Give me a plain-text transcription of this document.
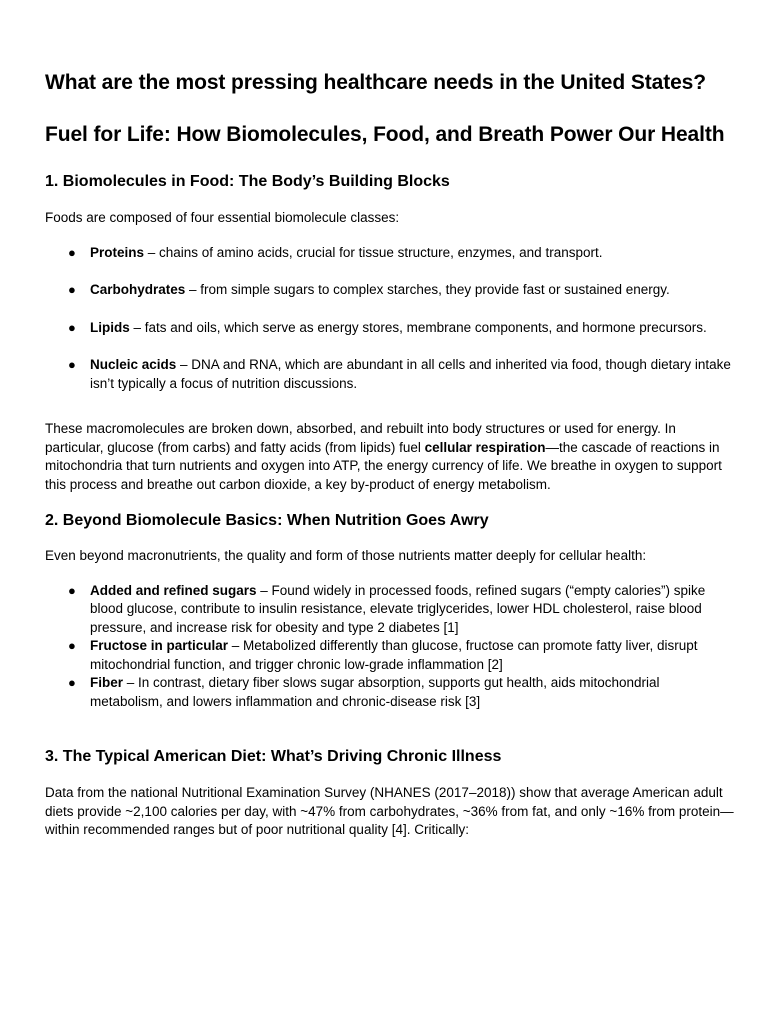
What are the most pressing healthcare needs in the United States?
Fuel for Life: How Biomolecules, Food, and Breath Power Our Health
1. Biomolecules in Food: The Body’s Building Blocks

Foods are composed of four essential biomolecule classes:

● Proteins – chains of amino acids, crucial for tissue structure, enzymes, and transport.
● Carbohydrates – from simple sugars to complex starches, they provide fast or sustained energy.
● Lipids – fats and oils, which serve as energy stores, membrane components, and hormone precursors.
● Nucleic acids – DNA and RNA, which are abundant in all cells and inherited via food, though dietary intake isn’t typically a focus of nutrition discussions.

These macromolecules are broken down, absorbed, and rebuilt into body structures or used for energy. In particular, glucose (from carbs) and fatty acids (from lipids) fuel cellular respiration—the cascade of reactions in mitochondria that turn nutrients and oxygen into ATP, the energy currency of life. We breathe in oxygen to support this process and breathe out carbon dioxide, a key by-product of energy metabolism.

2. Beyond Biomolecule Basics: When Nutrition Goes Awry

Even beyond macronutrients, the quality and form of those nutrients matter deeply for cellular health:

● Added and refined sugars – Found widely in processed foods, refined sugars (“empty calories”) spike blood glucose, contribute to insulin resistance, elevate triglycerides, lower HDL cholesterol, raise blood pressure, and increase risk for obesity and type 2 diabetes [1]
● Fructose in particular – Metabolized differently than glucose, fructose can promote fatty liver, disrupt mitochondrial function, and trigger chronic low-grade inflammation [2]
● Fiber – In contrast, dietary fiber slows sugar absorption, supports gut health, aids mitochondrial metabolism, and lowers inflammation and chronic-disease risk [3]
3. The Typical American Diet: What’s Driving Chronic Illness

Data from the national Nutritional Examination Survey (NHANES (2017–2018)) show that average American adult diets provide ~2,100 calories per day, with ~47% from carbohydrates, ~36% from fat, and only ~16% from protein—within recommended ranges but of poor nutritional quality [4]. Critically:
